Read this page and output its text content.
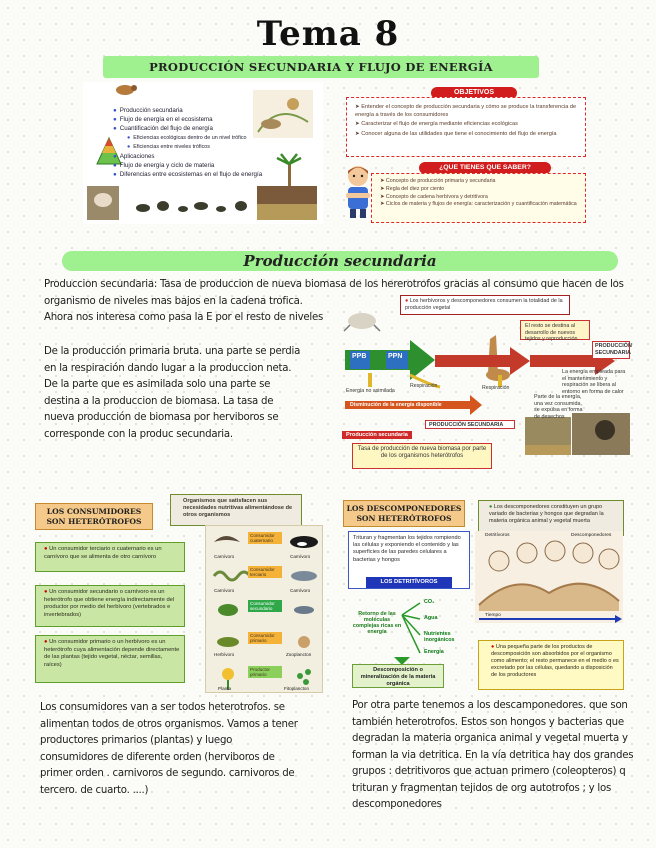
Tema 8
PRODUCCIÓN SECUNDARIA Y FLUJO DE ENERGÍA
● Producción secundaria
● Flujo de energía en el ecosistema
● Cuantificación del flujo de energía
● Eficiencias ecológicas dentro de un nivel trófico
● Eficiencias entre niveles tróficos
● Aplicaciones
● Flujo de energía y ciclo de materia
● Diferencias entre ecosistemas en el flujo de energía
OBJETIVOS
➤ Entender el concepto de producción secundaria y cómo se produce la transferencia de energía a través de los consumidores
➤ Caracterizar el flujo de energía mediante eficiencias ecológicas
➤ Conocer alguna de las utilidades que tiene el conocimiento del flujo de energía
¿QUE TIENES QUE SABER?
➤ Concepto de producción primaria y secundaria
➤ Regla del diez por ciento
➤ Concepto de cadena herbívora y detritívora
➤ Ciclos de materia y flujos de energía: caracterización y cuantificación matemática
Producción secundaria
Produccion secundaria: Tasa de produccion de nueva biomasa de los hererotrofos gracias al consumo que hacen de los
organismo de niveles mas bajos en la cadena trofica.
Ahora nos interesa como pasa la E por el resto de niveles
De la producción primaria bruta. una parte se perdia en la respiración dando lugar a la produccion neta. De la parte que es asimilada solo una parte se destina a la produccion de biomasa. La tasa de nueva producción de biomasa por herviboros se corresponde con la produc secundaria.
● Los herbívoros y descomponedores consumen la totalidad de la producción vegetal
El resto se destina al desarrollo de nuevos tejidos y reproducción
PRODUCCIÓN SECUNDARIA
La energía empleada para el mantenimiento y respiración se libera al entorno en forma de calor
Parte de la energía, una vez consumida, se expulsa en forma de desechos
PPB	PPN
Energía no asimilada
Respiración	Respiración
Disminución de la energía disponible
PRODUCCIÓN SECUNDARIA
Producción secundaria
Tasa de producción de nueva biomasa por parte de los organismos heterótrofos
LOS CONSUMIDORES SON HETERÓTROFOS
Organismos que satisfacen sus necesidades nutritivas alimentándose de otros organismos
● Un consumidor terciario o cuaternario es un carnívoro que se alimenta de otro carnívoro
● Un consumidor secundario o carnívoro es un heterótrofo que obtiene energía indirectamente del productor por medio del herbívoro (vertebrados e invertebrados)
● Un consumidor primario o un herbívoro es un heterótrofo cuya alimentación depende directamente de las plantas (tejido vegetal, néctar, semillas, raíces)
Consumidor cuaternario
Consumidor terciario
Consumidor secundario
Consumidor primario
Productor primario
Carnívoro
Carnívoro
Herbívoro
Planta
Carnívoro
Carnívoro
Zooplancton
Fitoplancton
LOS DESCOMPONEDORES SON HETERÓTROFOS
● Los descomponedores constituyen un grupo variado de bacterias y hongos que degradan la materia orgánica animal y vegetal muerta
Trituran y fragmentan los tejidos rompiendo las células y exponiendo el contenido y las superficies de las paredes celulares a bacterias y hongos
LOS DETRITÍVOROS
Retorno de las moléculas complejas ricas en energía
CO₂
Agua
Nutrientes inorgánicos
Energía
Descomposición o mineralización de la materia orgánica
Detritívoros	Descomponedores
Tiempo
● Una pequeña parte de los productos de descomposición son absorbidos por el organismo como alimento; el resto permanece en el medio o es excretado por las células, quedando a disposición de los productores
Los consumidores van a ser todos heterotrofos. se alimentan todos de otros organismos. Vamos a tener productores primarios (plantas) y luego consumidores de diferente orden (herviboros de primer orden . carnivoros de segundo. carnivoros de tercero. de cuarto. ....)
Por otra parte tenemos a los descamponedores. que son también heterotrofos. Estos son hongos y bacterias que degradan la materia organica animal y vegetal muerta y forman la via detritica. En la vía detritica hay dos grandes grupos : detritivoros que actuan primero (coleopteros) q trituran y fragmentan tejidos de org autotrofos ; y los descomponedores
